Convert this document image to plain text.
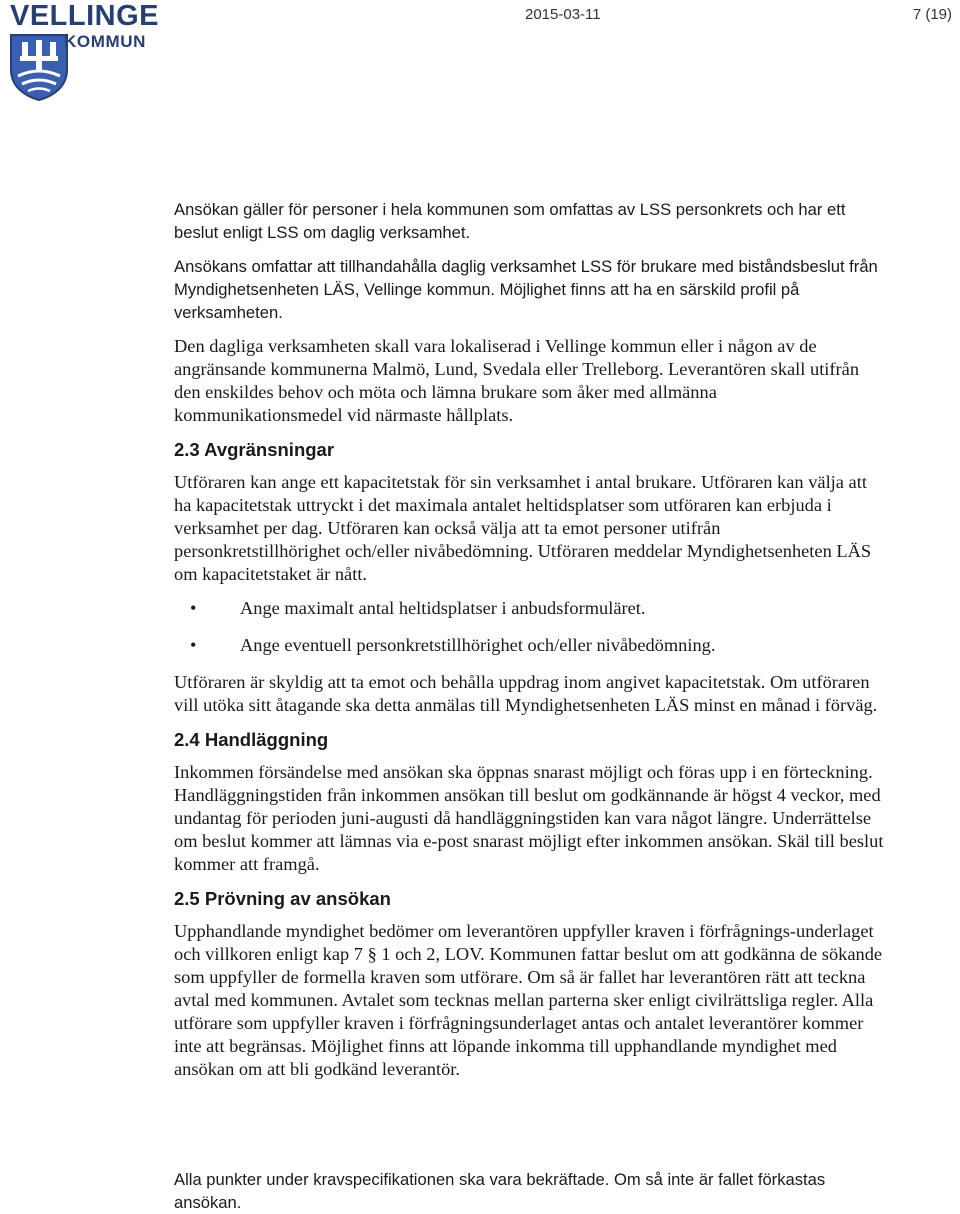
VELLINGE
KOMMUN
2015-03-11	7 (19)

Ansökan gäller för personer i hela kommunen som omfattas av LSS personkrets och har ett beslut enligt LSS om daglig verksamhet.

Ansökans omfattar att tillhandahålla daglig verksamhet LSS för brukare med biståndsbeslut från Myndighetsenheten LÄS, Vellinge kommun. Möjlighet finns att ha en särskild profil på verksamheten.

Den dagliga verksamheten skall vara lokaliserad i Vellinge kommun eller i någon av de angränsande kommunerna Malmö, Lund, Svedala eller Trelleborg. Leverantören skall utifrån den enskildes behov och möta och lämna brukare som åker med allmänna kommunikationsmedel vid närmaste hållplats.

2.3 Avgränsningar

Utföraren kan ange ett kapacitetstak för sin verksamhet i antal brukare. Utföraren kan välja att ha kapacitetstak uttryckt i det maximala antalet heltidsplatser som utföraren kan erbjuda i verksamhet per dag. Utföraren kan också välja att ta emot personer utifrån personkretstillhörighet och/eller nivåbedömning. Utföraren meddelar Myndighetsenheten LÄS om kapacitetstaket är nått.

• Ange maximalt antal heltidsplatser i anbudsformuläret.
• Ange eventuell personkretstillhörighet och/eller nivåbedömning.

Utföraren är skyldig att ta emot och behålla uppdrag inom angivet kapacitetstak. Om utföraren vill utöka sitt åtagande ska detta anmälas till Myndighetsenheten LÄS minst en månad i förväg.

2.4 Handläggning

Inkommen försändelse med ansökan ska öppnas snarast möjligt och föras upp i en förteckning. Handläggningstiden från inkommen ansökan till beslut om godkännande är högst 4 veckor, med undantag för perioden juni-augusti då handläggningstiden kan vara något längre. Underrättelse om beslut kommer att lämnas via e-post snarast möjligt efter inkommen ansökan. Skäl till beslut kommer att framgå.

2.5 Prövning av ansökan

Upphandlande myndighet bedömer om leverantören uppfyller kraven i förfrågnings-underlaget och villkoren enligt kap 7 § 1 och 2, LOV. Kommunen fattar beslut om att godkänna de sökande som uppfyller de formella kraven som utförare. Om så är fallet har leverantören rätt att teckna avtal med kommunen. Avtalet som tecknas mellan parterna sker enligt civilrättsliga regler. Alla utförare som uppfyller kraven i förfrågningsunderlaget antas och antalet leverantörer kommer inte att begränsas. Möjlighet finns att löpande inkomma till upphandlande myndighet med ansökan om att bli godkänd leverantör.

Alla punkter under kravspecifikationen ska vara bekräftade. Om så inte är fallet förkastas ansökan.
